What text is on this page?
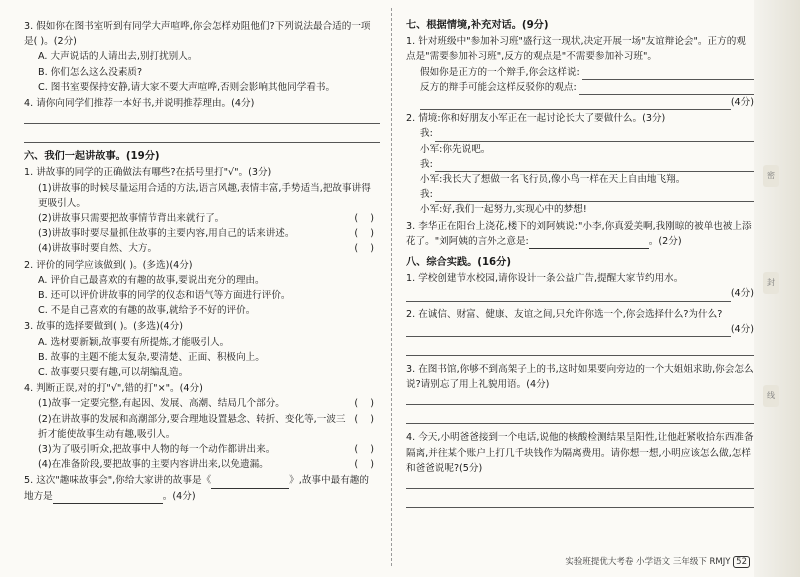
密
封
线
3. 假如你在图书室听到有同学大声喧哗,你会怎样劝阻他们?下列说法最合适的一项是( )。(2分)
A. 大声说话的人请出去,别打扰别人。
B. 你们怎么这么没素质?
C. 图书室要保持安静,请大家不要大声喧哗,否则会影响其他同学看书。
4. 请你向同学们推荐一本好书,并说明推荐理由。(4分)
六、我们一起讲故事。(19分)
1. 讲故事的同学的正确做法有哪些?在括号里打"√"。(3分)
(1)讲故事的时候尽量运用合适的方法,语言风趣,表情丰富,手势适当,把故事讲得更吸引人。
(2)讲故事只需要把故事情节背出来就行了。	(    )
(3)讲故事时要尽量抓住故事的主要内容,用自己的话来讲述。	(    )
(4)讲故事时要自然、大方。	(    )
2. 评价的同学应该做到( )。(多选)(4分)
A. 评价自己最喜欢的有趣的故事,要说出充分的理由。
B. 还可以评价讲故事的同学的仪态和语气等方面进行评价。
C. 不是自己喜欢的有趣的故事,就给予不好的评价。
3. 故事的选择要做到( )。(多选)(4分)
A. 选材要新颖,故事要有所提炼,才能吸引人。
B. 故事的主题不能太复杂,要清楚、正面、积极向上。
C. 故事要只要有趣,可以胡编乱造。
4. 判断正误,对的打"√",错的打"×"。(4分)
(1)故事一定要完整,有起因、发展、高潮、结局几个部分。	(    )
(2)在讲故事的发展和高潮部分,要合理地设置悬念、转折、变化等,一波三折才能使故事生动有趣,吸引人。
(    )
(3)为了吸引听众,把故事中人物的每一个动作都讲出来。	(    )
(4)在准备阶段,要把故事的主要内容讲出来,以免遗漏。	(    )
5. 这次"趣味故事会",你给大家讲的故事是《	》,故事中最有趣的
地方是	。(4分)
七、根据情境,补充对话。(9分)
1. 针对班级中"参加补习班"盛行这一现状,决定开展一场"友谊辩论会"。正方的观点是"需要参加补习班",反方的观点是"不需要参加补习班"。
假如你是正方的一个辩手,你会这样说:
反方的辩手可能会这样反驳你的观点:
(4分)
2. 情境:你和好朋友小军正在一起讨论长大了要做什么。(3分)
我:
小军:你先说吧。
我:
小军:我长大了想做一名飞行员,像小鸟一样在天上自由地飞翔。
我:
小军:好,我们一起努力,实现心中的梦想!
3. 李华正在阳台上浇花,楼下的刘阿姨说:"小李,你真爱美啊,我刚晾的被单也被上添花了。"刘阿姨的言外之意是:	。(2分)
八、综合实践。(16分)
1. 学校创建节水校园,请你设计一条公益广告,提醒大家节约用水。
(4分)
2. 在诚信、财富、健康、友谊之间,只允许你选一个,你会选择什么?为什么?
(4分)
3. 在图书馆,你够不到高架子上的书,这时如果要向旁边的一个大姐姐求助,你会怎么说?请别忘了用上礼貌用语。(4分)
4. 今天,小明爸爸接到一个电话,说他的核酸检测结果呈阳性,让他赶紧收拾东西准备隔离,并往某个账户上打几千块钱作为隔离费用。请你想一想,小明应该怎么做,怎样和爸爸说呢?(5分)
实验班提优大考卷 小学语文 三年级下 RMJY 52
